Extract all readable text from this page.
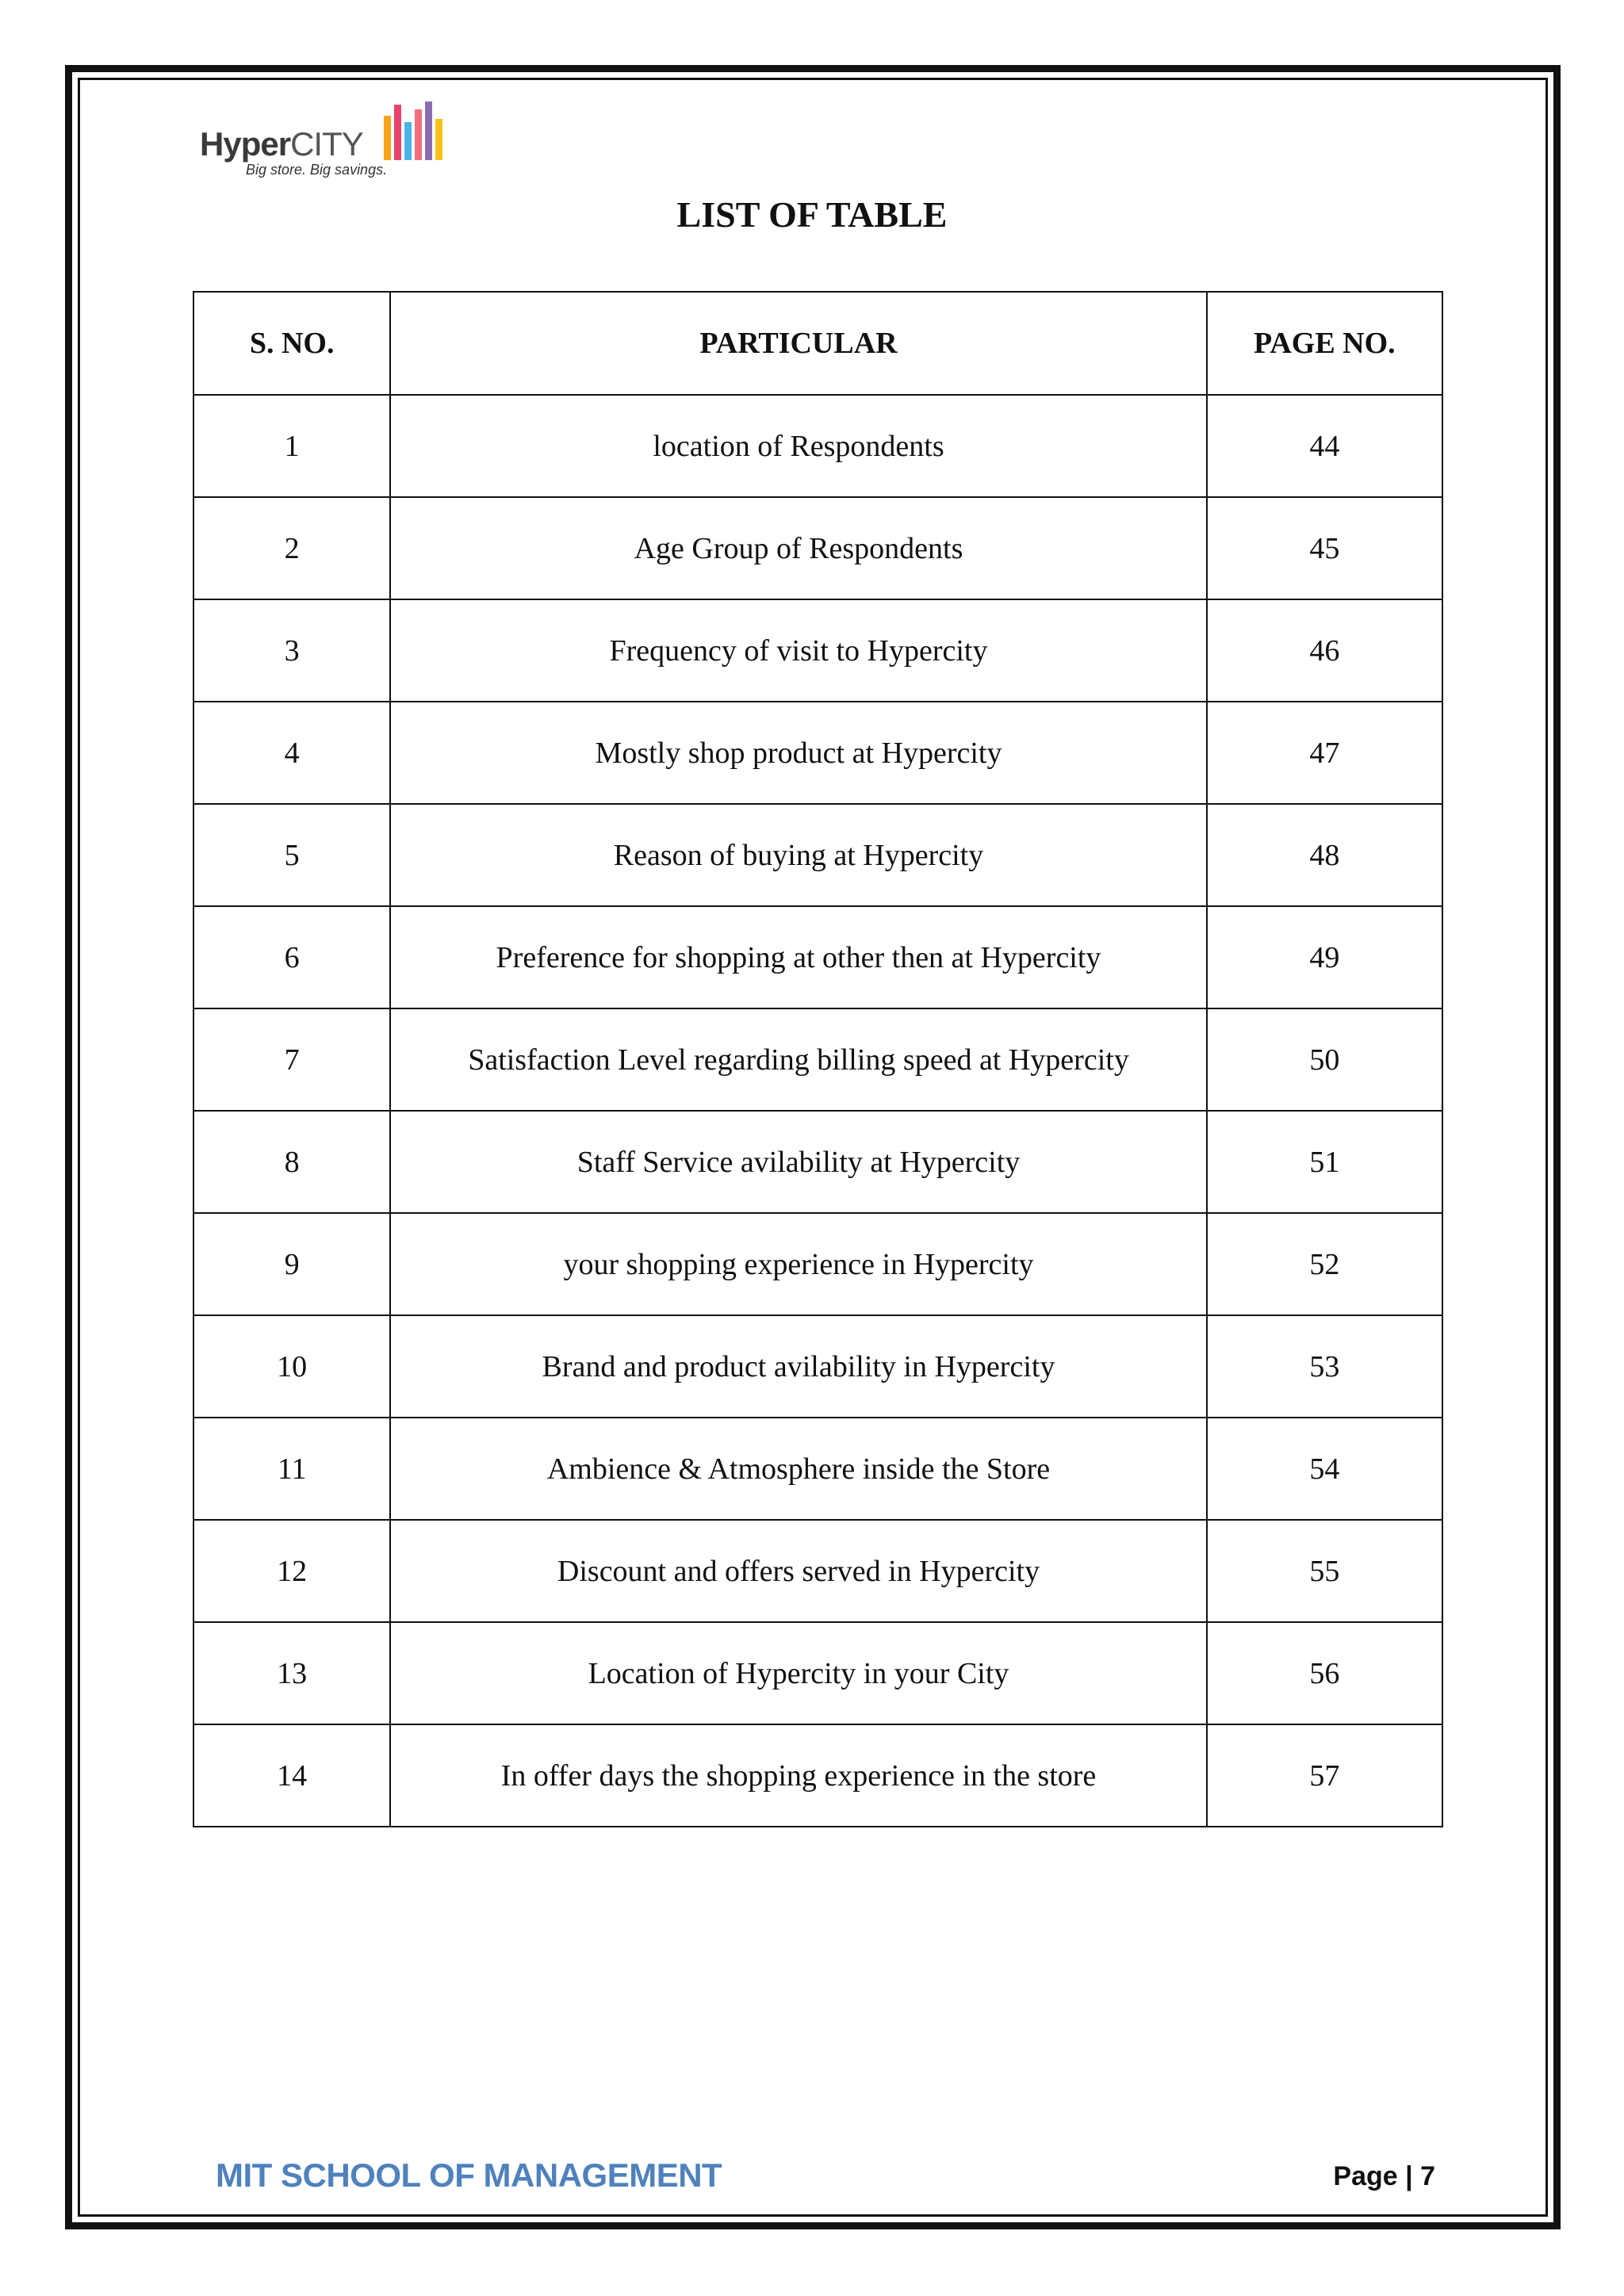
HyperCITY
Big store. Big savings.
LIST OF TABLE
S. NO.	PARTICULAR	PAGE NO.
1	location of Respondents	44
2	Age Group of Respondents	45
3	Frequency of visit to Hypercity	46
4	Mostly shop product at Hypercity	47
5	Reason of buying at Hypercity	48
6	Preference for shopping at other then at Hypercity	49
7	Satisfaction Level regarding billing speed at Hypercity	50
8	Staff Service avilability at Hypercity	51
9	your shopping experience in Hypercity	52
10	Brand and product avilability in Hypercity	53
11	Ambience & Atmosphere inside the Store	54
12	Discount and offers served in Hypercity	55
13	Location of Hypercity in your City	56
14	In offer days the shopping experience in the store	57
MIT SCHOOL OF MANAGEMENT	Page | 7
